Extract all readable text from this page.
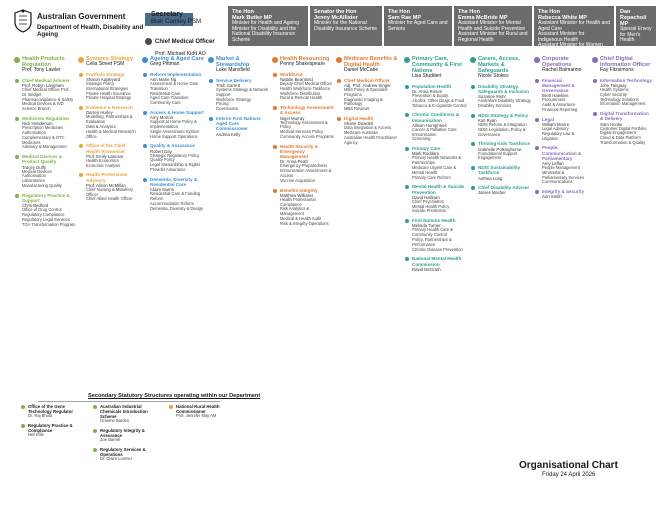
Australian Government
Department of Health, Disability and Ageing
Secretary
Blair Comley PSM
Chief Medical Officer
Prof. Michael Kidd AO
The Hon
Mark Butler MP
Minister for Health and Ageing
Minister for Disability and the National Disability Insurance Scheme
Senator the Hon
Jenny McAllister
Minister for the National Disability Insurance Scheme
The Hon
Sam Rae MP
Minister for Aged Care and Seniors
The Hon
Emma McBride MP
Assistant Minister for Mental Health and Suicide Prevention
Assistant Minister for Rural and Regional Health
The Hon
Rebecca White MP
Assistant Minister for Health and Aged Care
Assistant Minister for Indigenous Health
Assistant Minister for Women
Dan Repacholi MP
Special Envoy for Men's Health
Health Products Regulation
Prof. Tony Lawler
Chief Medical Adviser
Prof. Robyn Langham
Chief Medical Officer Prof. Dr. Bridget
Pharmacovigilance & Safety
Medical Devices & IVD
Science Branch
Medicines Regulation
Nick Henderson
Prescription Medicines Authorisation
Complementary & OTC Medicines
Advisory & Management
Medical Devices & Product Quality
Tracey Duffy
Medical Devices Authorisation
Laboratories
Manufacturing Quality
Regulatory Practice & Support
Chris Bedford
Office of Drug Control
Regulatory Compliance
Regulatory Legal Services
TGA Transformation Program
Systems Strategy
Celia Street PSM
Portfolio Strategy
Sharon Appleyard
Strategic Policy
International Strategies
Private Health Insurance
Private Hospital Strategy
Evidence & Research
Darren Hurley
Modelling, Partnerships & Evaluation
Data & Analytics
Health & Medical Research Office
Office of the Chief Health Economist
Prof. Emily Lancsar
Health Economics
Economic Analysis
Health Professions Advisory
Prof. Alison McMillan
Chief Nursing & Midwifery Officer
Chief Allied Health Officer
Ageing & Aged Care
Greg Pittman
Reform Implementation
Ann Marie Ng
Assessment & Home Care Transition
Residential Care
Aged Care Transition
Community Care
Access & Home Support
Amy Morton
Support at Home Policy & Implementation
Single Assessment System
Home Support Operations
Quality & Assurance
Robert Day
Strategic Regulatory Policy
Quality Policy
Legal Stewardship & Rights
Provider Assurance
Dementia, Diversity & Residential Care
Claire Ewins
Residential Care & Funding Reform
Accommodation Reform
Dementia, Diversity & Design
Market & Stewardship
Luke Mansfield
Service Delivery
Trish Garrett
Systems Strategy & Network Support
Workforce Strategy
Pricing
Governance
Interim First Nations Aged Care Commissioner
Andrea Kelly
Health Resourcing
Penny Shakespeare
Workforce
Natalie Beanland
Deputy Chief Medical Officer
Health Workforce Taskforce
Workforce Distribution
Rural & Remote Health
Technology Assessment & Access
Nigel Murray
Technology Assessment & Policy
Medical Services Policy
Community Access Programs
Health Security & Emergency Management
Dr. Anna Peatt
Emergency Preparedness
Immunisation Assessment & Access
Vaccine Acquisition
Benefits Integrity
Matthew Williams
Health Professional Compliance
Risk Analytics & Management
Medical & Health Audit
Risk & Integrity Operations
Medicare Benefits & Digital Health
Daniel McCabe
Chief Medical Officer
Adj. Prof. Andrew Singer
MBS Policy & Specialist Programs
Diagnostic Imaging & Pathology
MBS Reviews
Digital Health
Shane Dowdell
Data Integration & Access
Medicare Australia
Australian Health Practitioner Agency
Primary Care, Community & First Nations
Lisa Studdert
Population Health
Dr. Anna Rosen
Prevention & Equity
Alcohol, Other Drugs & Food
Tobacco & E-cigarette Control
Chronic Conditions & Immunisation
Allison Humphries
Cancer & Palliative Care
Immunisation
Screening
Primary Care
Mark Roddam
Primary Health Networks & Partnerships
Medicare Urgent Care & Mental Health
Primary Care Reform
Mental Health & Suicide Prevention
David Hallinan
Chief Psychiatrist
Mental Health Policy
Suicide Prevention
First Nations Health
Melinda Turner
Primary Health Care & Community Control
Policy, Partnerships & Performance
Chronic Disease Prevention
National Mental Health Commission
David McGrath
Carers, Access, Markets & Safeguards
Nicole Stokes
Disability Strategy, Safeguards & Inclusion
Suzanne Mohr
Australia's Disability Strategy
Disability Services
NDIS Strategy & Policy
Kim Ryan
NDIS Reform & Integration
NDIS Legislation, Policy & Governance
Thriving Kids Taskforce
Gabrielle Polkinghorne
Foundational Support
Engagement
NDIS Sustainability Taskforce
Anthea Long
Chief Disability Adviser
James Mactier
Corporate Operations
Rachel Balmanno
Financial Management & Governance
Brett Hawkins
Procurement
Audit & Assurance
Financial Reporting
Legal
William Moore
Legal Advisory
Regulatory Law & Litigation
People, Communication & Parliamentary
Amy Laffan
People Management
Ministerial & Parliamentary Services
Communications
Integrity & Security
Ann Smith
Chief Digital Information Officer
Fay Fitzsimons
Information Technology
John Tanguay
Health Systems
Cyber Security
Technology Solutions
Information Management
Digital Transformation & Delivery
Sam Hooke
Customer Digital Portfolio
Digital Engagement
Cloud & Data Platform
Transformation & Quality
Secondary Statutory Structures operating within our Department
Office of the Gene Technology Regulator
Dr. Raj Bhula
Regulatory Practice & Compliance
Neil Ellis
Australian Industrial Chemicals Introduction Scheme
Graeme Barden
Regulatory Integrity & Assurance
Zoe Barrell
Regulatory Services & Operations
Dr. Claire Lorimer
National Rural Health Commissioner
Prof. Jennifer May AM
Organisational Chart
Friday 24 April 2026
